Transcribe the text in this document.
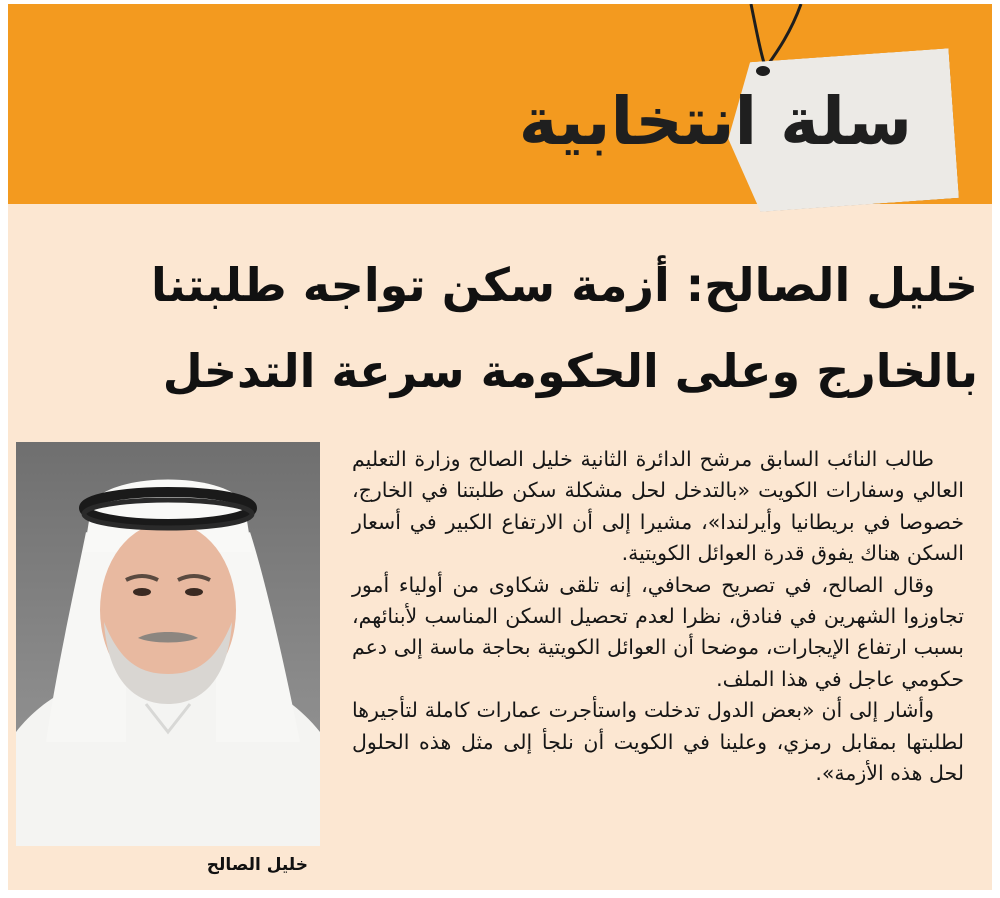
سلة انتخابية
خليل الصالح: أزمة سكن تواجه طلبتنا بالخارج وعلى الحكومة سرعة التدخل

خليل الصالح

طالب النائب السابق مرشح الدائرة الثانية خليل الصالح وزارة التعليم العالي وسفارات الكويت «بالتدخل لحل مشكلة سكن طلبتنا في الخارج، خصوصا في بريطانيا وأيرلندا»، مشيرا إلى أن الارتفاع الكبير في أسعار السكن هناك يفوق قدرة العوائل الكويتية.

وقال الصالح، في تصريح صحافي، إنه تلقى شكاوى من أولياء أمور تجاوزوا الشهرين في فنادق، نظرا لعدم تحصيل السكن المناسب لأبنائهم، بسبب ارتفاع الإيجارات، موضحا أن العوائل الكويتية بحاجة ماسة إلى دعم حكومي عاجل في هذا الملف.

وأشار إلى أن «بعض الدول تدخلت واستأجرت عمارات كاملة لتأجيرها لطلبتها بمقابل رمزي، وعلينا في الكويت أن نلجأ إلى مثل هذه الحلول لحل هذه الأزمة».
